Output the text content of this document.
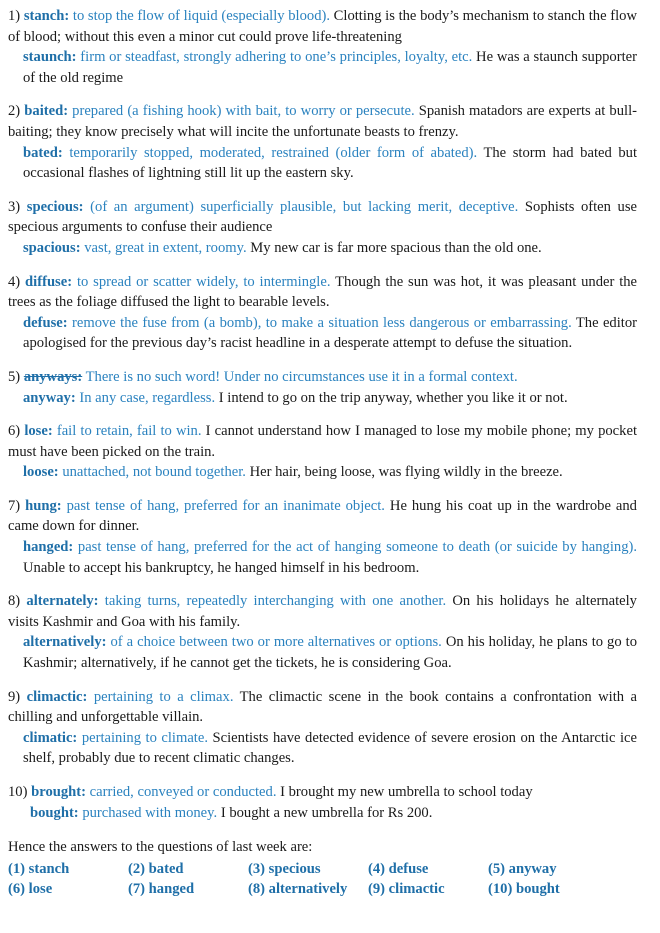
1) stanch: to stop the flow of liquid (especially blood). Clotting is the body’s mechanism to stanch the flow of blood; without this even a minor cut could prove life-threatening

staunch: firm or steadfast, strongly adhering to one’s principles, loyalty, etc. He was a staunch supporter of the old regime

2) baited: prepared (a fishing hook) with bait, to worry or persecute. Spanish matadors are experts at bull-baiting; they know precisely what will incite the unfortunate beasts to frenzy.

bated: temporarily stopped, moderated, restrained (older form of abated). The storm had bated but occasional flashes of lightning still lit up the eastern sky.

3) specious: (of an argument) superficially plausible, but lacking merit, deceptive. Sophists often use specious arguments to confuse their audience

spacious: vast, great in extent, roomy. My new car is far more spacious than the old one.

4) diffuse: to spread or scatter widely, to intermingle. Though the sun was hot, it was pleasant under the trees as the foliage diffused the light to bearable levels.

defuse: remove the fuse from (a bomb), to make a situation less dangerous or embarrassing. The editor apologised for the previous day’s racist headline in a desperate attempt to defuse the situation.

5) anyways: There is no such word! Under no circumstances use it in a formal context.

anyway: In any case, regardless. I intend to go on the trip anyway, whether you like it or not.

6) lose: fail to retain, fail to win. I cannot understand how I managed to lose my mobile phone; my pocket must have been picked on the train.

loose: unattached, not bound together. Her hair, being loose, was flying wildly in the breeze.

7) hung: past tense of hang, preferred for an inanimate object. He hung his coat up in the wardrobe and came down for dinner.

hanged: past tense of hang, preferred for the act of hanging someone to death (or suicide by hanging). Unable to accept his bankruptcy, he hanged himself in his bedroom.

8) alternately: taking turns, repeatedly interchanging with one another. On his holidays he alternately visits Kashmir and Goa with his family.

alternatively: of a choice between two or more alternatives or options. On his holiday, he plans to go to Kashmir; alternatively, if he cannot get the tickets, he is considering Goa.

9) climactic: pertaining to a climax. The climactic scene in the book contains a confrontation with a chilling and unforgettable villain.

climatic: pertaining to climate. Scientists have detected evidence of severe erosion on the Antarctic ice shelf, probably due to recent climatic changes.

10) brought: carried, conveyed or conducted. I brought my new umbrella to school today

bought: purchased with money. I bought a new umbrella for Rs 200.

Hence the answers to the questions of last week are:

(1) stanch	(2) bated	(3) specious	(4) defuse	(5) anyway
(6) lose	(7) hanged	(8) alternatively	(9) climactic	(10) bought
